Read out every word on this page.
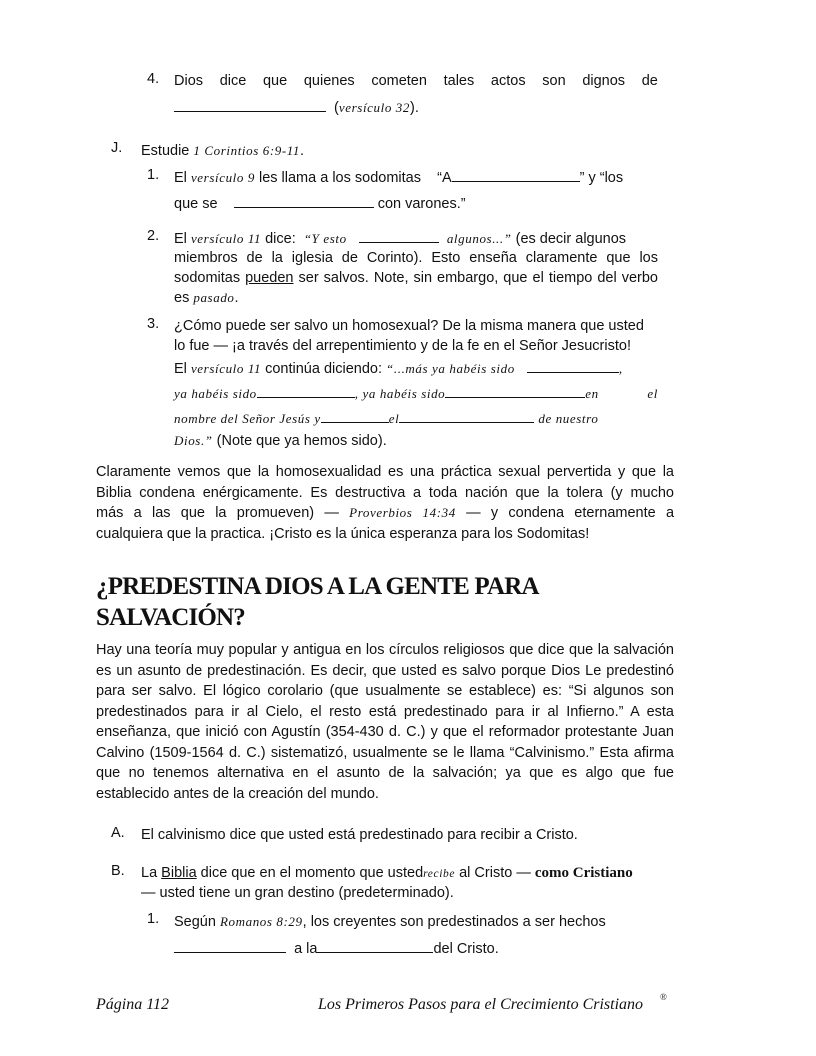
4.	Dios dice que quienes cometen tales actos son dignos de
(versículo 32).
J.	Estudie 1 Corintios 6:9-11.
1.	El versículo 9 les llama a los sodomitas “A	” y “los
que se	con varones.”
2.	El versículo 11 dice: “Y esto	algunos...” (es decir algunos
miembros de la iglesia de Corinto). Esto enseña claramente que los
sodomitas pueden ser salvos. Note, sin embargo, que el tiempo del verbo
es pasado.
3.	¿Cómo puede ser salvo un homosexual? De la misma manera que usted
lo fue — ¡a través del arrepentimiento y de la fe en el Señor Jesucristo!
El versículo 11 continúa diciendo: “...más ya habéis sido	,
ya habéis sido	, ya habéis sido	en	el
nombre del Señor Jesús y	el	de nuestro
Dios.” (Note que ya hemos sido).
Claramente vemos que la homosexualidad es una práctica sexual pervertida y que la
Biblia condena enérgicamente. Es destructiva a toda nación que la tolera (y mucho
más a las que la promueven) — Proverbios 14:34 — y condena eternamente a
cualquiera que la practica. ¡Cristo es la única esperanza para los Sodomitas!
¿PREDESTINA DIOS A LA GENTE PARA SALVACIÓN?
Hay una teoría muy popular y antigua en los círculos religiosos que dice que la salvación
es un asunto de predestinación. Es decir, que usted es salvo porque Dios Le predestinó
para ser salvo. El lógico corolario (que usualmente se establece) es: “Si algunos son
predestinados para ir al Cielo, el resto está predestinado para ir al Infierno.” A esta
enseñanza, que inició con Agustín (354-430 d. C.) y que el reformador protestante Juan
Calvino (1509-1564 d. C.) sistematizó, usualmente se le llama “Calvinismo.” Esta afirma
que no tenemos alternativa en el asunto de la salvación; ya que es algo que fue
establecido antes de la creación del mundo.
A.	El calvinismo dice que usted está predestinado para recibir a Cristo.
B.	La Biblia dice que en el momento que ustedrecibe al Cristo — como Cristiano
— usted tiene un gran destino (predeterminado).
1.	Según Romanos 8:29, los creyentes son predestinados a ser hechos
a la	del Cristo.
Página 112	Los Primeros Pasos para el Crecimiento Cristiano ®
